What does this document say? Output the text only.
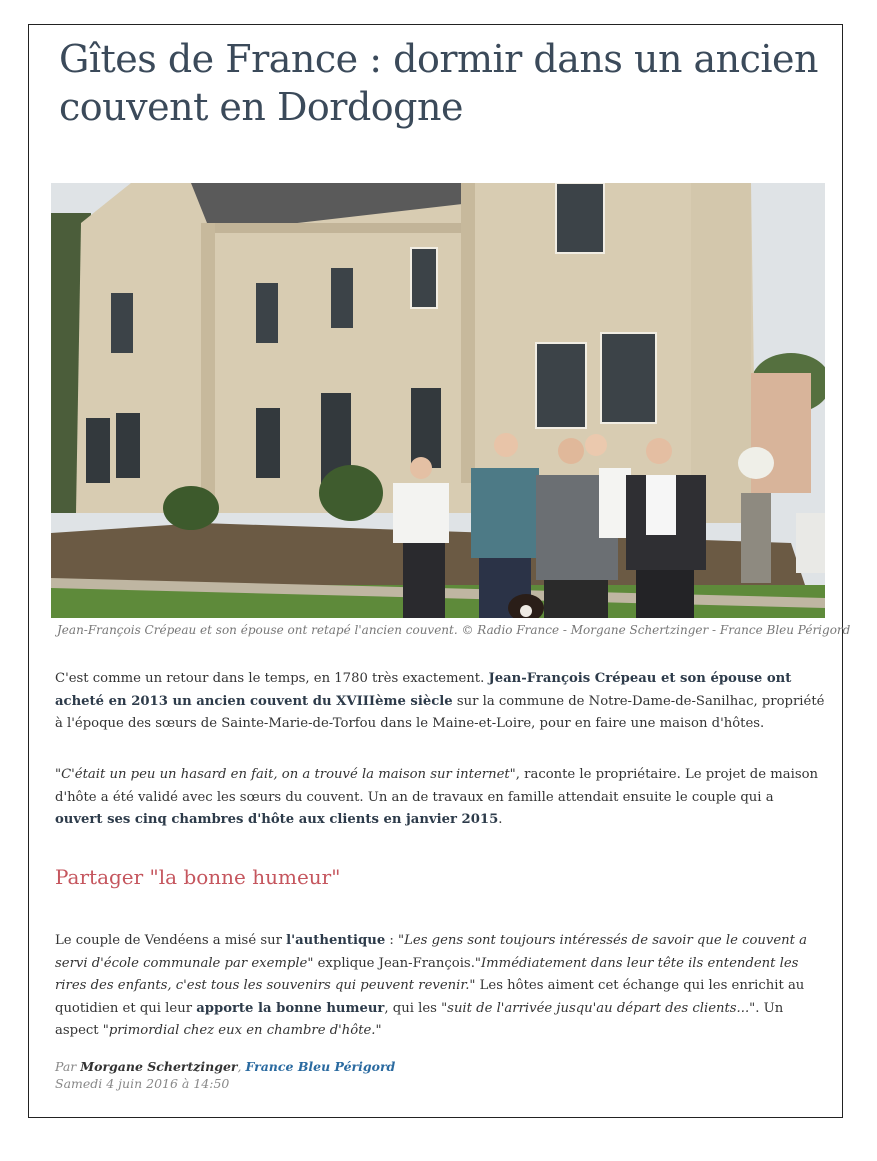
Gîtes de France : dormir dans un ancien couvent en Dordogne
Jean-François Crépeau et son épouse ont retapé l'ancien couvent. © Radio France - Morgane Schertzinger - France Bleu Périgord

C'est comme un retour dans le temps, en 1780 très exactement. Jean-François Crépeau et son épouse ont acheté en 2013 un ancien couvent du XVIIIème siècle sur la commune de Notre-Dame-de-Sanilhac, propriété à l'époque des sœurs de Sainte-Marie-de-Torfou dans le Maine-et-Loire, pour en faire une maison d'hôtes.

"C'était un peu un hasard en fait, on a trouvé la maison sur internet", raconte le propriétaire. Le projet de maison d'hôte a été validé avec les sœurs du couvent. Un an de travaux en famille attendait ensuite le couple qui a ouvert ses cinq chambres d'hôte aux clients en janvier 2015.

Partager "la bonne humeur"

Le couple de Vendéens a misé sur l'authentique : "Les gens sont toujours intéressés de savoir que le couvent a servi d'école communale par exemple" explique Jean-François."Immédiatement dans leur tête ils entendent les rires des enfants, c'est tous les souvenirs qui peuvent revenir." Les hôtes aiment cet échange qui les enrichit au quotidien et qui leur apporte la bonne humeur, qui les "suit de l'arrivée jusqu'au départ des clients...". Un aspect "primordial chez eux en chambre d'hôte."

Par Morgane Schertzinger, France Bleu Périgord
Samedi 4 juin 2016 à 14:50
